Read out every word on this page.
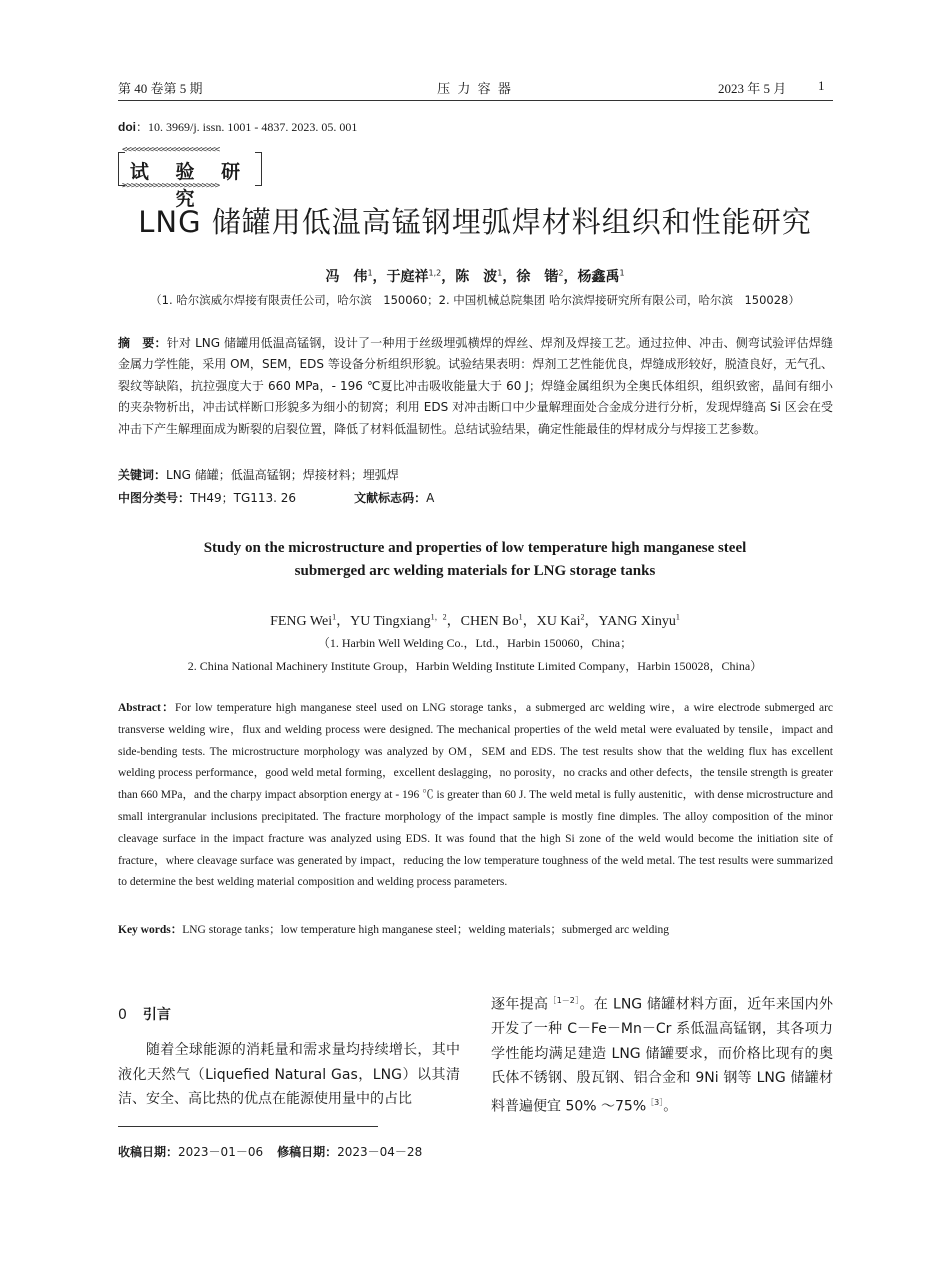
第 40 卷第 5 期	压 力 容 器	2023 年 5 月 1
doi：10. 3969/j. issn. 1001 - 4837. 2023. 05. 001
<<<<<<<<<<<<<<<<<<<<<<
试 验 研 究
>>>>>>>>>>>>>>>>>>>>>>
LNG 储罐用低温高锰钢埋弧焊材料组织和性能研究
冯　伟$^1$，于庭祥$^{1,2}$，陈　波$^1$，徐　锴$^2$，杨鑫禹$^1$
（1. 哈尔滨威尔焊接有限责任公司，哈尔滨　150060；2. 中国机械总院集团 哈尔滨焊接研究所有限公司，哈尔滨　150028）
摘　要：针对 LNG 储罐用低温高锰钢，设计了一种用于丝级埋弧横焊的焊丝、焊剂及焊接工艺。通过拉伸、冲击、侧弯试验评估焊缝金属力学性能，采用 OM，SEM，EDS 等设备分析组织形貌。试验结果表明：焊剂工艺性能优良，焊缝成形较好，脱渣良好，无气孔、裂纹等缺陷，抗拉强度大于 660 MPa，- 196 ℃夏比冲击吸收能量大于 60 J；焊缝金属组织为全奥氏体组织，组织致密，晶间有细小的夹杂物析出，冲击试样断口形貌多为细小的韧窝；利用 EDS 对冲击断口中少量解理面处合金成分进行分析，发现焊缝高 Si 区会在受冲击下产生解理面成为断裂的启裂位置，降低了材料低温韧性。总结试验结果，确定性能最佳的焊材成分与焊接工艺参数。
关键词：LNG 储罐；低温高锰钢；焊接材料；埋弧焊
中图分类号：TH49；TG113. 26	文献标志码：A
Study on the microstructure and properties of low temperature high manganese steel
submerged arc welding materials for LNG storage tanks
FENG Wei$^1$，YU Tingxiang$^{1,2}$，CHEN Bo$^1$，XU Kai$^2$，YANG Xinyu$^1$
（1. Harbin Well Welding Co.，Ltd.，Harbin 150060，China；
2. China National Machinery Institute Group，Harbin Welding Institute Limited Company，Harbin 150028，China）
Abstract：For low temperature high manganese steel used on LNG storage tanks，a submerged arc welding wire，a wire electrode submerged arc transverse welding wire，flux and welding process were designed. The mechanical properties of the weld metal were evaluated by tensile，impact and side-bending tests. The microstructure morphology was analyzed by OM，SEM and EDS. The test results show that the welding flux has excellent welding process performance，good weld metal forming，excellent deslagging，no porosity，no cracks and other defects，the tensile strength is greater than 660 MPa，and the charpy impact absorption energy at - 196 ℃ is greater than 60 J. The weld metal is fully austenitic，with dense microstructure and small intergranular inclusions precipitated. The fracture morphology of the impact sample is mostly fine dimples. The alloy composition of the minor cleavage surface in the impact fracture was analyzed using EDS. It was found that the high Si zone of the weld would become the initiation site of fracture，where cleavage surface was generated by impact，reducing the low temperature toughness of the weld metal. The test results were summarized to determine the best welding material composition and welding process parameters.
Key words：LNG storage tanks；low temperature high manganese steel；welding materials；submerged arc welding
0 引言
随着全球能源的消耗量和需求量均持续增长，其中液化天然气（Liquefied Natural Gas，LNG）以其清洁、安全、高比热的优点在能源使用量中的占比
逐年提高$^{[1-2]}$。在 LNG 储罐材料方面，近年来国内外开发了一种 C－Fe－Mn－Cr 系低温高锰钢，其各项力学性能均满足建造 LNG 储罐要求，而价格比现有的奥氏体不锈钢、殷瓦钢、铝合金和 9Ni 钢等 LNG 储罐材料普遍便宜 50% ～75%$^{[3]}$。
收稿日期：2023－01－06 修稿日期：2023－04－28
